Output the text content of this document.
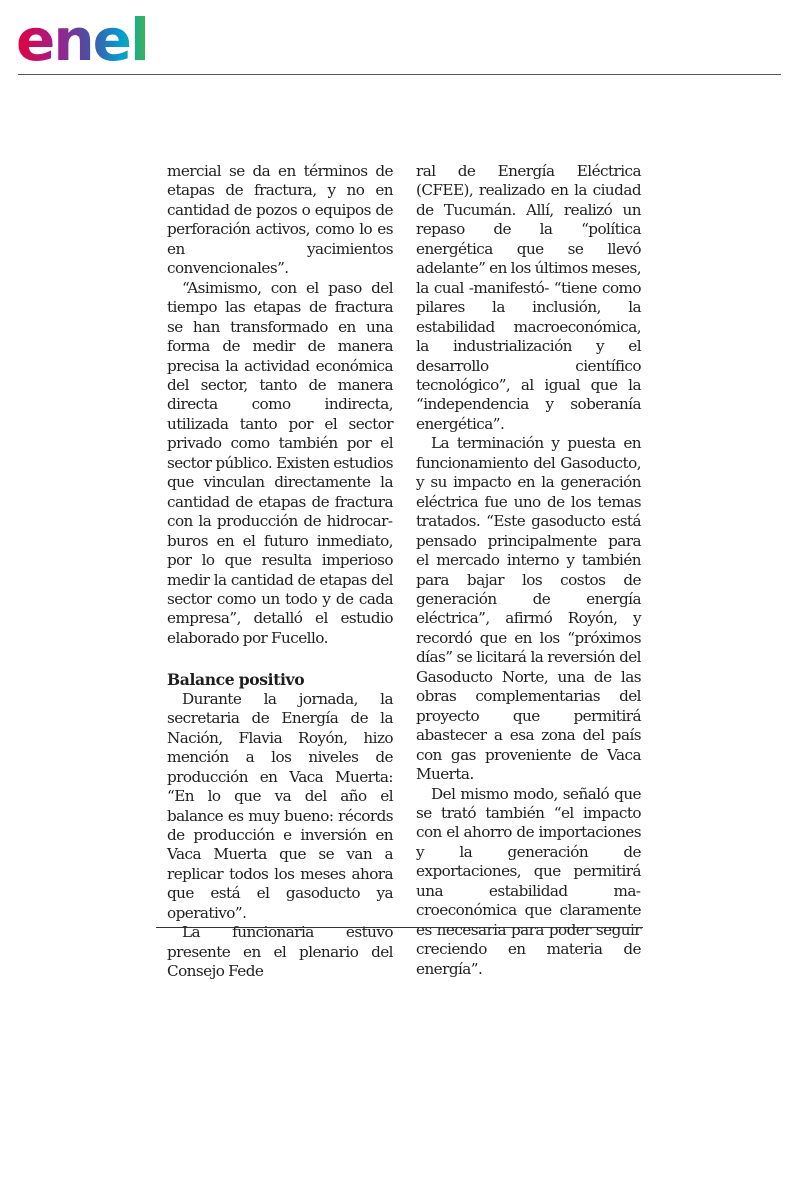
enel

mercial se da en términos de etapas de fractura, y no en cantidad de pozos o equipos de perforación activos, como lo es en yacimientos convencionales”.

“Asimismo, con el paso del tiempo las etapas de fractura se han transformado en una forma de medir de manera precisa la actividad económica del sector, tanto de manera directa como indirecta, utilizada tanto por el sector privado como también por el sector público. Existen estudios que vinculan directamente la cantidad de etapas de fractura con la producción de hidrocarburos en el futuro inmediato, por lo que resulta imperioso medir la cantidad de etapas del sector como un todo y de cada empresa”, detalló el estudio elaborado por Fucello.

Balance positivo

Durante la jornada, la secretaria de Energía de la Nación, Flavia Royón, hizo mención a los niveles de producción en Vaca Muerta: “En lo que va del año el balance es muy bueno: récords de producción e inversión en Vaca Muerta que se van a replicar todos los meses ahora que está el gasoducto ya operativo”.

La funcionaria estuvo presente en el plenario del Consejo Fede

ral de Energía Eléctrica (CFEE), realizado en la ciudad de Tucumán. Allí, realizó un repaso de la “política energética que se llevó adelante” en los últimos meses, la cual -manifestó- “tiene como pilares la inclusión, la estabilidad macroeconómica, la industrialización y el desarrollo científico tecnológico”, al igual que la “independencia y soberanía energética”.

La terminación y puesta en funcionamiento del Gasoducto, y su impacto en la generación eléctrica fue uno de los temas tratados. “Este gasoducto está pensado principalmente para el mercado interno y también para bajar los costos de generación de energía eléctrica”, afirmó Royón, y recordó que en los “próximos días” se licitará la reversión del Gasoducto Norte, una de las obras complementarias del proyecto que permitirá abastecer a esa zona del país con gas proveniente de Vaca Muerta.

Del mismo modo, señaló que se trató también “el impacto con el ahorro de importaciones y la generación de exportaciones, que permitirá una estabilidad macroeconómica que claramente es necesaria para poder seguir creciendo en materia de energía”.
